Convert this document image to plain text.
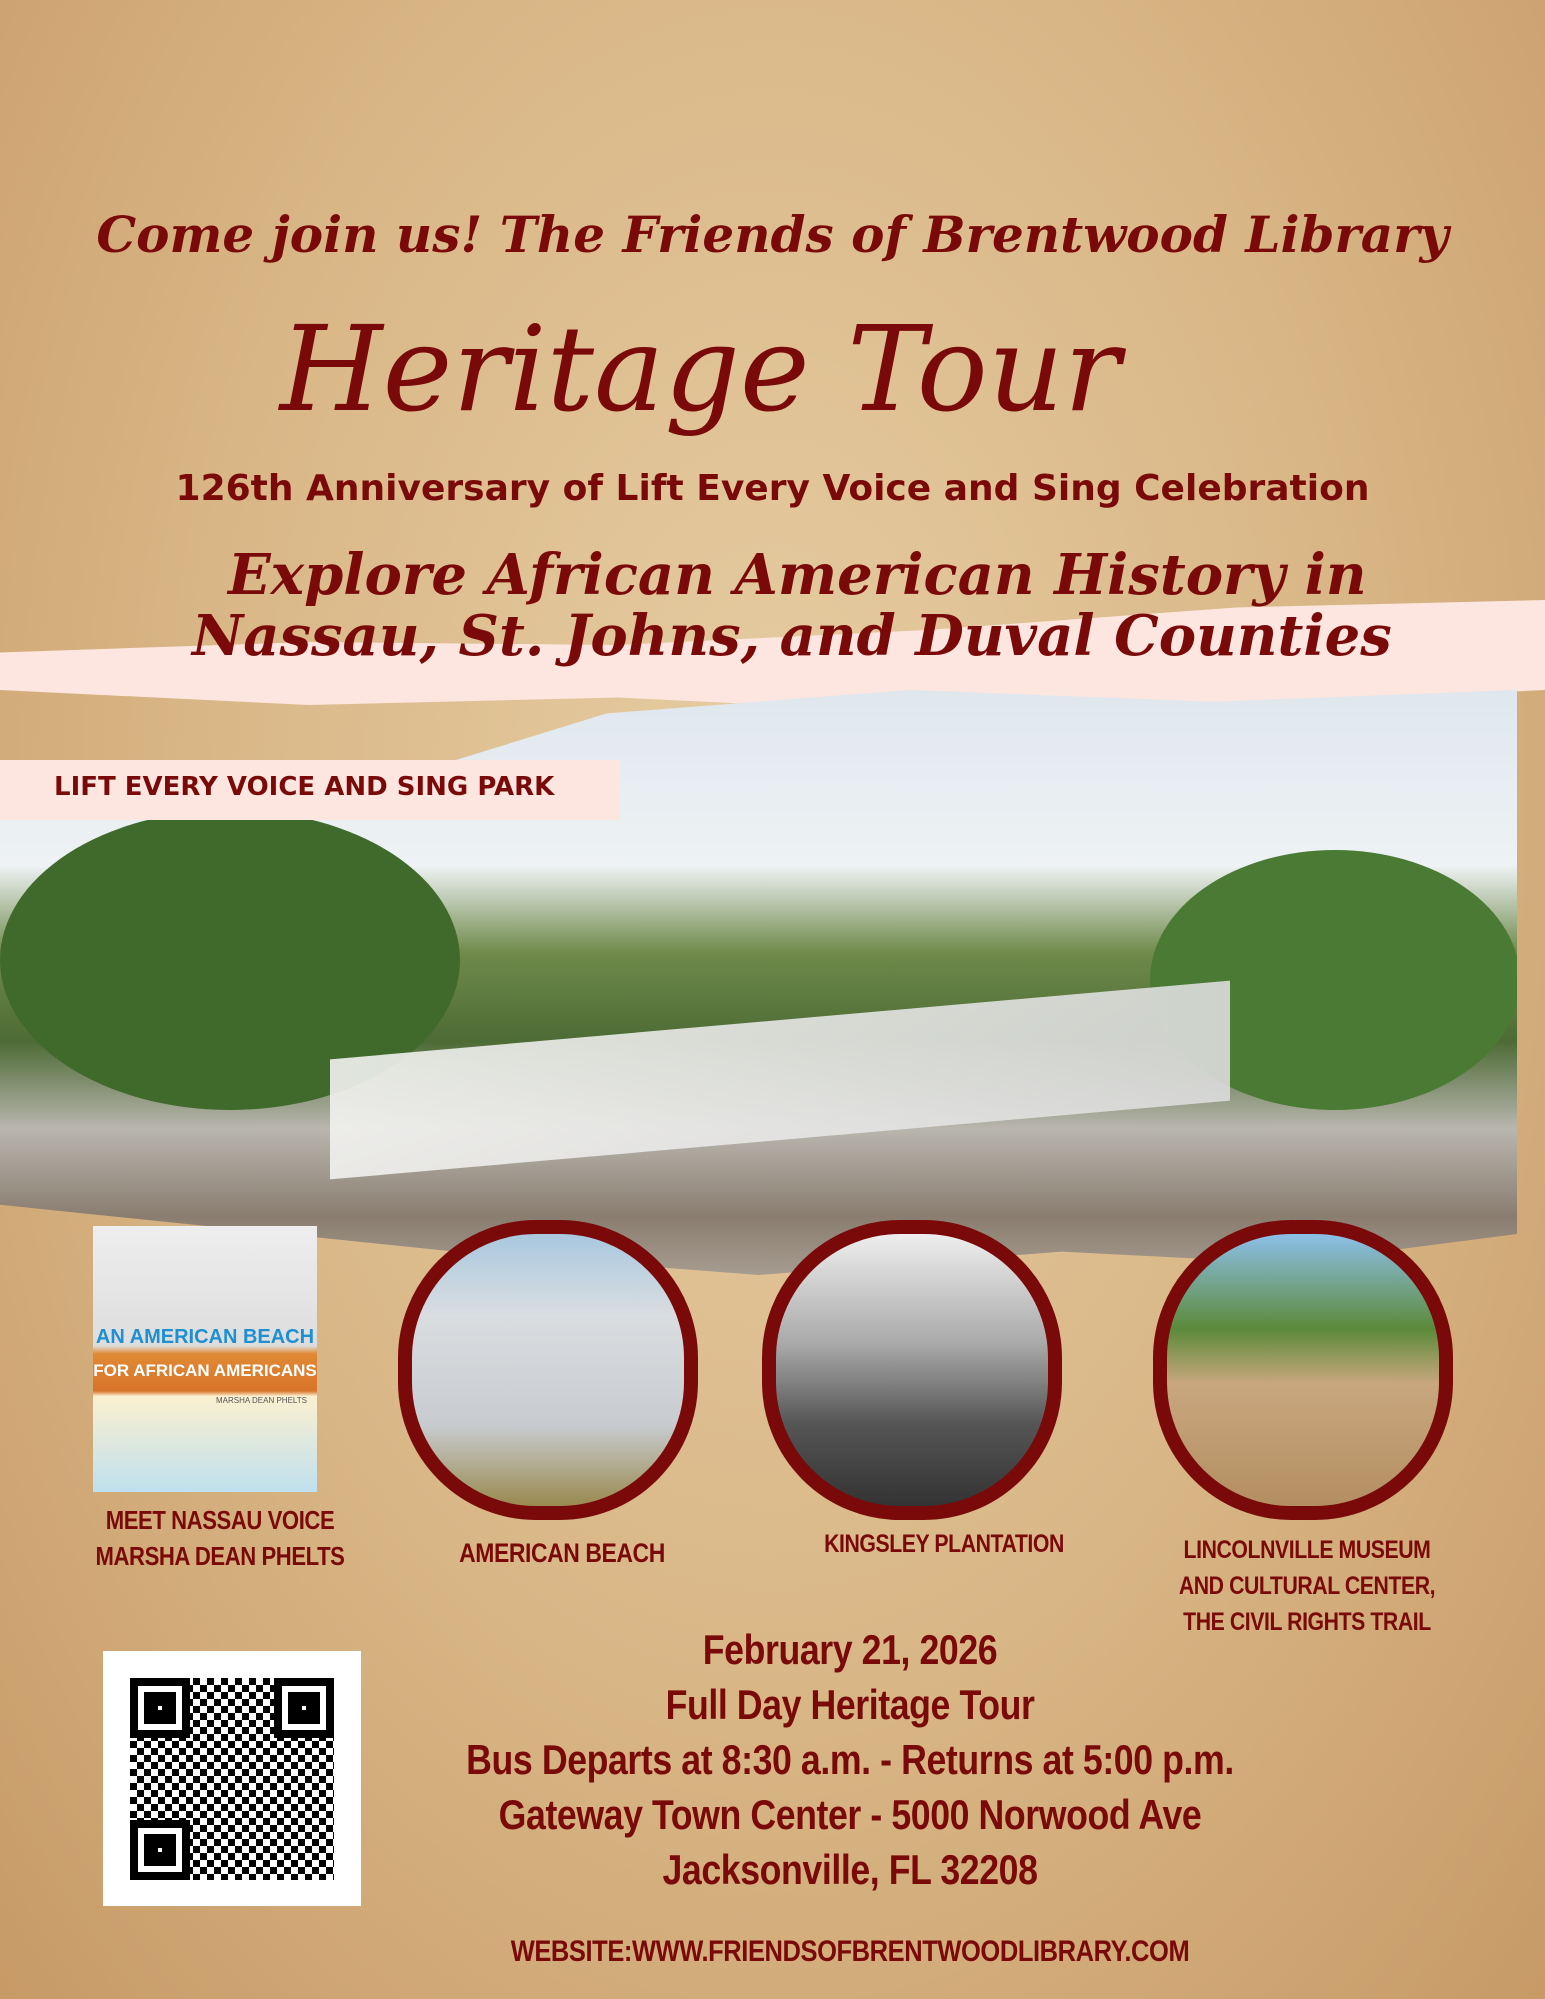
Come join us! The Friends of Brentwood Library
Heritage Tour
126th Anniversary of Lift Every Voice and Sing Celebration
Explore African American History in
Nassau, St. Johns, and Duval Counties
LIFT EVERY VOICE AND SING PARK
AN AMERICAN BEACH
FOR AFRICAN AMERICANS
MARSHA DEAN PHELTS
MEET NASSAU VOICE
MARSHA DEAN PHELTS	AMERICAN BEACH	KINGSLEY PLANTATION	LINCOLNVILLE MUSEUM
AND CULTURAL CENTER,
THE CIVIL RIGHTS TRAIL
February 21, 2026
Full Day Heritage Tour
Bus Departs at 8:30 a.m. - Returns at 5:00 p.m.
Gateway Town Center - 5000 Norwood Ave
Jacksonville, FL 32208
WEBSITE:WWW.FRIENDSOFBRENTWOODLIBRARY.COM
